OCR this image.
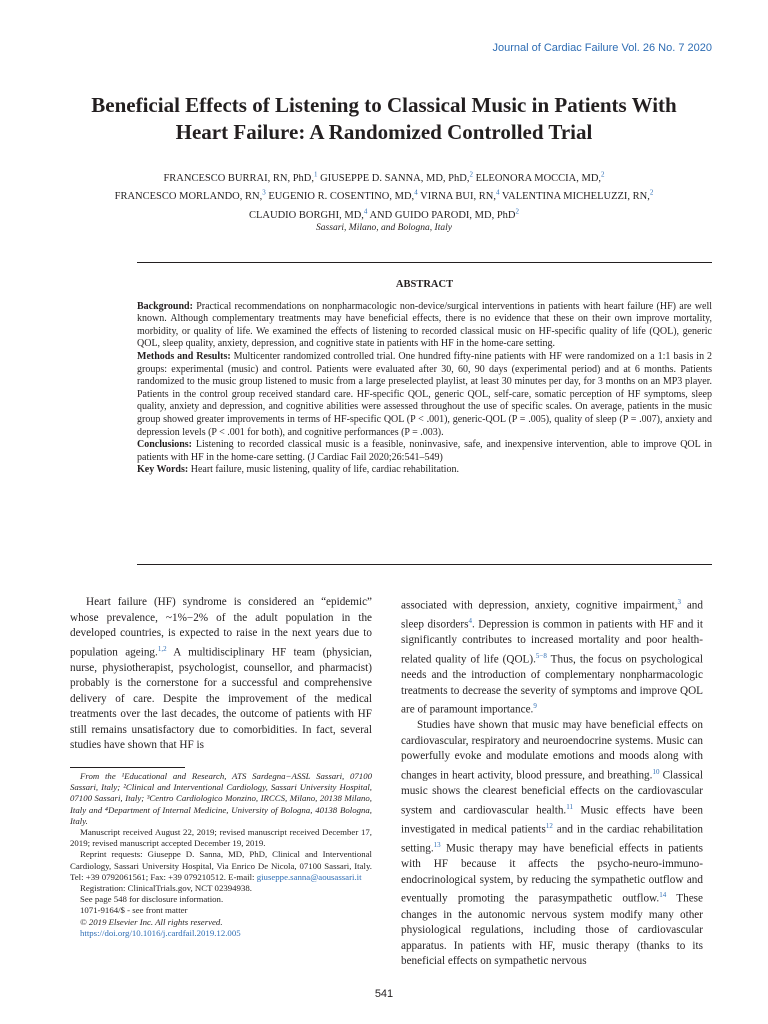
Journal of Cardiac Failure Vol. 26 No. 7 2020
Beneficial Effects of Listening to Classical Music in Patients With
Heart Failure: A Randomized Controlled Trial
FRANCESCO BURRAI, RN, PhD,$^1$ GIUSEPPE D. SANNA, MD, PhD,$^2$ ELEONORA MOCCIA, MD,$^2$
FRANCESCO MORLANDO, RN,$^3$ EUGENIO R. COSENTINO, MD,$^4$ VIRNA BUI, RN,$^4$ VALENTINA MICHELUZZI, RN,$^2$
CLAUDIO BORGHI, MD,$^4$ AND GUIDO PARODI, MD, PhD$^2$
Sassari, Milano, and Bologna, Italy
ABSTRACT

Background: Practical recommendations on nonpharmacologic non-device/surgical interventions in patients with heart failure (HF) are well known. Although complementary treatments may have beneficial effects, there is no evidence that these on their own improve mortality, morbidity, or quality of life. We examined the effects of listening to recorded classical music on HF-specific quality of life (QOL), generic QOL, sleep quality, anxiety, depression, and cognitive state in patients with HF in the home-care setting.

Methods and Results: Multicenter randomized controlled trial. One hundred fifty-nine patients with HF were randomized on a 1:1 basis in 2 groups: experimental (music) and control. Patients were evaluated after 30, 60, 90 days (experimental period) and at 6 months. Patients randomized to the music group listened to music from a large preselected playlist, at least 30 minutes per day, for 3 months on an MP3 player. Patients in the control group received standard care. HF-specific QOL, generic QOL, self-care, somatic perception of HF symptoms, sleep quality, anxiety and depression, and cognitive abilities were assessed throughout the use of specific scales. On average, patients in the music group showed greater improvements in terms of HF-specific QOL (P < .001), generic-QOL (P = .005), quality of sleep (P = .007), anxiety and depression levels (P < .001 for both), and cognitive performances (P = .003).

Conclusions: Listening to recorded classical music is a feasible, noninvasive, safe, and inexpensive intervention, able to improve QOL in patients with HF in the home-care setting. (J Cardiac Fail 2020;26:541–549)

Key Words: Heart failure, music listening, quality of life, cardiac rehabilitation.

Heart failure (HF) syndrome is considered an “epidemic” whose prevalence, ~1%−2% of the adult population in the developed countries, is expected to raise in the next years due to population ageing.$^{1,2}$ A multidisciplinary HF team (physician, nurse, physiotherapist, psychologist, counsellor, and pharmacist) probably is the cornerstone for a successful and comprehensive delivery of care. Despite the improvement of the medical treatments over the last decades, the outcome of patients with HF still remains unsatisfactory due to comorbidities. In fact, several studies have shown that HF is

From the ¹Educational and Research, ATS Sardegna−ASSL Sassari, 07100 Sassari, Italy; ²Clinical and Interventional Cardiology, Sassari University Hospital, 07100 Sassari, Italy; ³Centro Cardiologico Monzino, IRCCS, Milano, 20138 Milano, Italy and ⁴Department of Internal Medicine, University of Bologna, 40138 Bologna, Italy.

Manuscript received August 22, 2019; revised manuscript received December 17, 2019; revised manuscript accepted December 19, 2019.

Reprint requests: Giuseppe D. Sanna, MD, PhD, Clinical and Interventional Cardiology, Sassari University Hospital, Via Enrico De Nicola, 07100 Sassari, Italy. Tel: +39 0792061561; Fax: +39 079210512. E-mail: giuseppe.sanna@aousassari.it

Registration: ClinicalTrials.gov, NCT 02394938.

See page 548 for disclosure information.

1071-9164/$ - see front matter

© 2019 Elsevier Inc. All rights reserved.

https://doi.org/10.1016/j.cardfail.2019.12.005

associated with depression, anxiety, cognitive impairment,$^3$ and sleep disorders$^4$. Depression is common in patients with HF and it significantly contributes to increased mortality and poor health-related quality of life (QOL).$^{5-8}$ Thus, the focus on psychological needs and the introduction of complementary nonpharmacologic treatments to decrease the severity of symptoms and improve QOL are of paramount importance.$^9$

Studies have shown that music may have beneficial effects on cardiovascular, respiratory and neuroendocrine systems. Music can powerfully evoke and modulate emotions and moods along with changes in heart activity, blood pressure, and breathing.$^{10}$ Classical music shows the clearest beneficial effects on the cardiovascular system and cardiovascular health.$^{11}$ Music effects have been investigated in medical patients$^{12}$ and in the cardiac rehabilitation setting.$^{13}$ Music therapy may have beneficial effects in patients with HF because it affects the psycho-neuro-immuno-endocrinological system, by reducing the sympathetic outflow and eventually promoting the parasympathetic outflow.$^{14}$ These changes in the autonomic nervous system modify many other physiological regulations, including those of cardiovascular apparatus. In patients with HF, music therapy (thanks to its beneficial effects on sympathetic nervous

541
